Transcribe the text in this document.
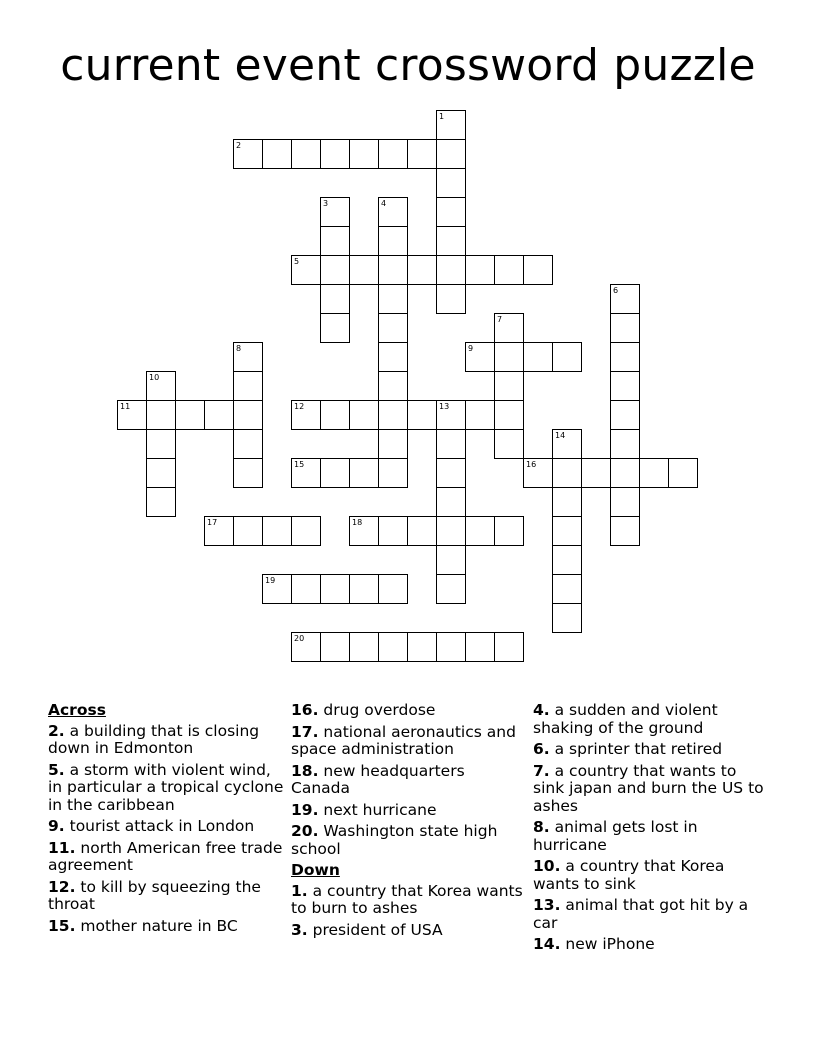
current event crossword puzzle
1
2
3	4
5
6
7
8	9
10
11	12	13
14
15	16
17	18
19
20
Across
2. a building that is closing down in Edmonton
5. a storm with violent wind, in particular a tropical cyclone in the caribbean
9. tourist attack in London
11. north American free trade agreement
12. to kill by squeezing the throat
15. mother nature in BC
16. drug overdose
17. national aeronautics and space administration
18. new headquarters Canada
19. next hurricane
20. Washington state high school
Down
1. a country that Korea wants to burn to ashes
3. president of USA
4. a sudden and violent shaking of the ground
6. a sprinter that retired
7. a country that wants to sink japan and burn the US to ashes
8. animal gets lost in hurricane
10. a country that Korea wants to sink
13. animal that got hit by a car
14. new iPhone
